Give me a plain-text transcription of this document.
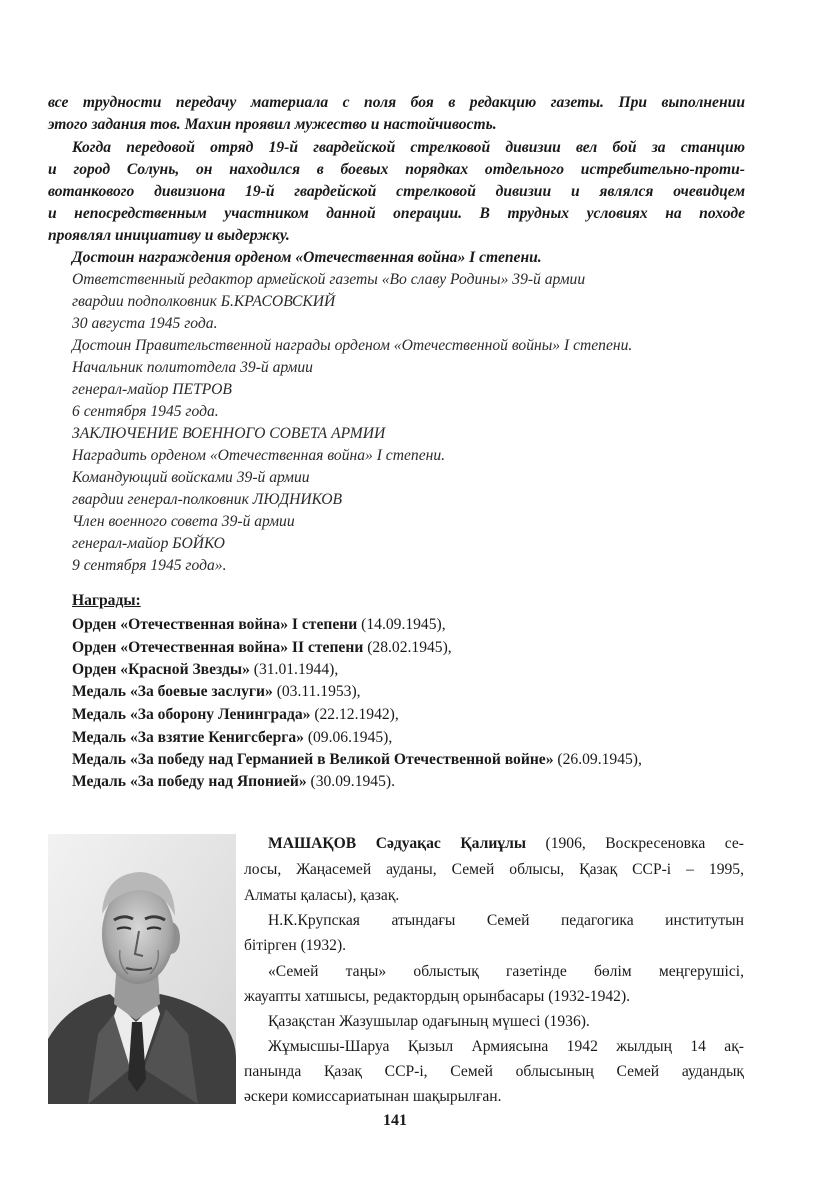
все трудности передачу материала с поля боя в редакцию газеты. При выполнении

этого задания тов. Махин проявил мужество и настойчивость.

Когда передовой отряд 19-й гвардейской стрелковой дивизии вел бой за станцию

и город Солунь, он находился в боевых порядках отдельного истребительно-проти-

вотанкового дивизиона 19-й гвардейской стрелковой дивизии и являлся очевидцем

и непосредственным участником данной операции. В трудных условиях на походе

проявлял инициативу и выдержку.

Достоин награждения орденом «Отечественная война» I степени.

Ответственный редактор армейской газеты «Во славу Родины» 39-й армии
гвардии подполковник Б.КРАСОВСКИЙ
30 августа 1945 года.
Достоин Правительственной награды орденом «Отечественной войны» I степени.
Начальник политотдела 39-й армии
генерал-майор ПЕТРОВ
6 сентября 1945 года.
ЗАКЛЮЧЕНИЕ ВОЕННОГО СОВЕТА АРМИИ
Наградить орденом «Отечественная война» I степени.
Командующий войсками 39-й армии
гвардии генерал-полковник ЛЮДНИКОВ
Член военного совета 39-й армии
генерал-майор БОЙКО
9 сентября 1945 года».
Награды:
Орден «Отечественная война» I степени (14.09.1945),
Орден «Отечественная война» II степени (28.02.1945),
Орден «Красной Звезды» (31.01.1944),
Медаль «За боевые заслуги» (03.11.1953),
Медаль «За оборону Ленинграда» (22.12.1942),
Медаль «За взятие Кенигсберга» (09.06.1945),
Медаль «За победу над Германией в Великой Отечественной войне» (26.09.1945),
Медаль «За победу над Японией» (30.09.1945).

МАШАҚОВ Сәдуақас Қалиұлы (1906, Воскресеновка се-

лосы, Жаңасемей ауданы, Семей облысы, Қазақ ССР-і – 1995,

Алматы қаласы), қазақ.

Н.К.Крупская атындағы Семей педагогика институтын

бітірген (1932).

«Семей таңы» облыстық газетінде бөлім меңгерушісі,

жауапты хатшысы, редактордың орынбасары (1932-1942).

Қазақстан Жазушылар одағының мүшесі (1936).

Жұмысшы-Шаруа Қызыл Армиясына 1942 жылдың 14 ақ-

панында Қазақ ССР-і, Семей облысының Семей аудандық

әскери комиссариатынан шақырылған.

141
